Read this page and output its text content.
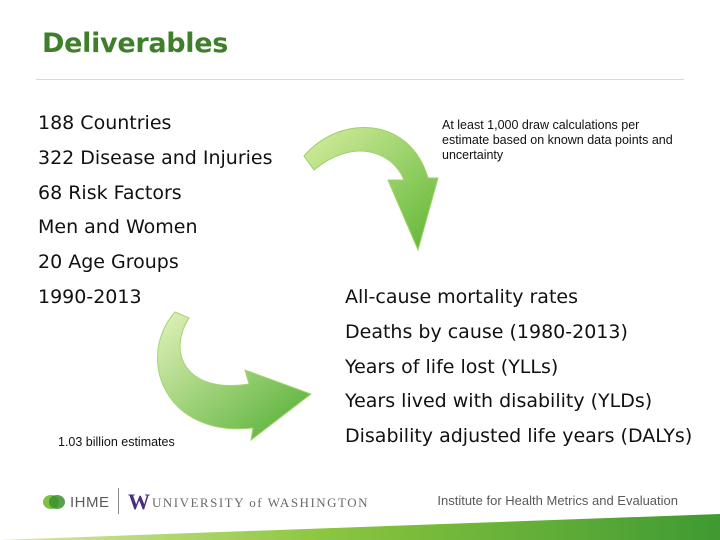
Deliverables
188 Countries
322 Disease and Injuries
68 Risk Factors
Men and Women
20 Age Groups
1990-2013
At least 1,000 draw calculations per estimate based on known data points and uncertainty
1.03 billion estimates
All-cause mortality rates
Deaths by cause (1980-2013)
Years of life lost (YLLs)
Years lived with disability (YLDs)
Disability adjusted life years (DALYs)
IHME W UNIVERSITY of WASHINGTON	Institute for Health Metrics and Evaluation
